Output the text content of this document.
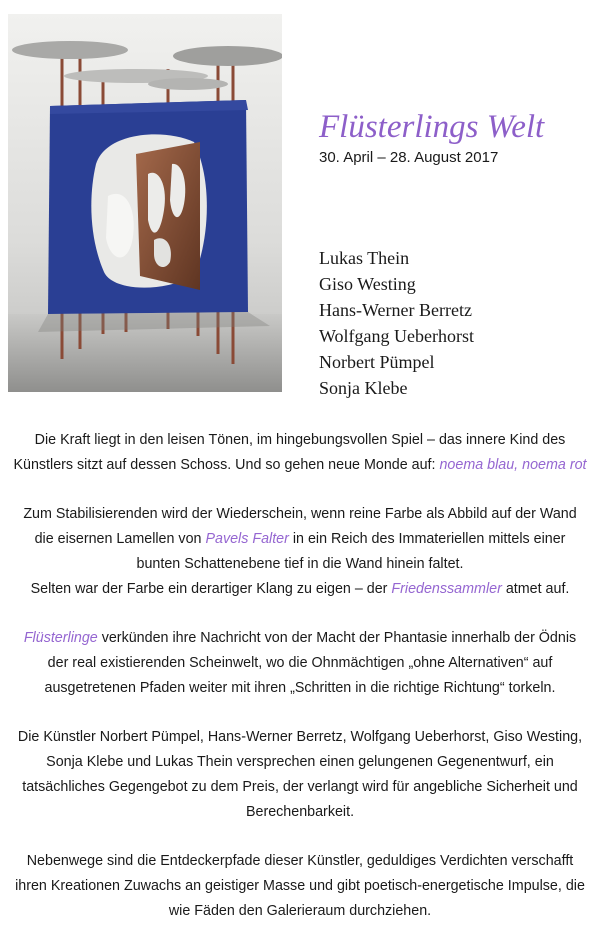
Flüsterlings Welt
30. April – 28. August 2017
Lukas Thein
Giso Westing
Hans-Werner Berretz
Wolfgang Ueberhorst
Norbert Pümpel
Sonja Klebe

Die Kraft liegt in den leisen Tönen, im hingebungsvollen Spiel – das innere Kind des
Künstlers sitzt auf dessen Schoss. Und so gehen neue Monde auf: noema blau, noema rot

Zum Stabilisierenden wird der Wiederschein, wenn reine Farbe als Abbild auf der Wand
die eisernen Lamellen von Pavels Falter in ein Reich des Immateriellen mittels einer
bunten Schattenebene tief in die Wand hinein faltet.
Selten war der Farbe ein derartiger Klang zu eigen – der Friedenssammler atmet auf.

Flüsterlinge verkünden ihre Nachricht von der Macht der Phantasie innerhalb der Ödnis
der real existierenden Scheinwelt, wo die Ohnmächtigen „ohne Alternativen“ auf
ausgetretenen Pfaden weiter mit ihren „Schritten in die richtige Richtung“ torkeln.

Die Künstler Norbert Pümpel, Hans-Werner Berretz, Wolfgang Ueberhorst, Giso Westing,
Sonja Klebe und Lukas Thein versprechen einen gelungenen Gegenentwurf, ein
tatsächliches Gegengebot zu dem Preis, der verlangt wird für angebliche Sicherheit und
Berechenbarkeit.

Nebenwege sind die Entdeckerpfade dieser Künstler, geduldiges Verdichten verschafft
ihren Kreationen Zuwachs an geistiger Masse und gibt poetisch-energetische Impulse, die
wie Fäden den Galerieraum durchziehen.
